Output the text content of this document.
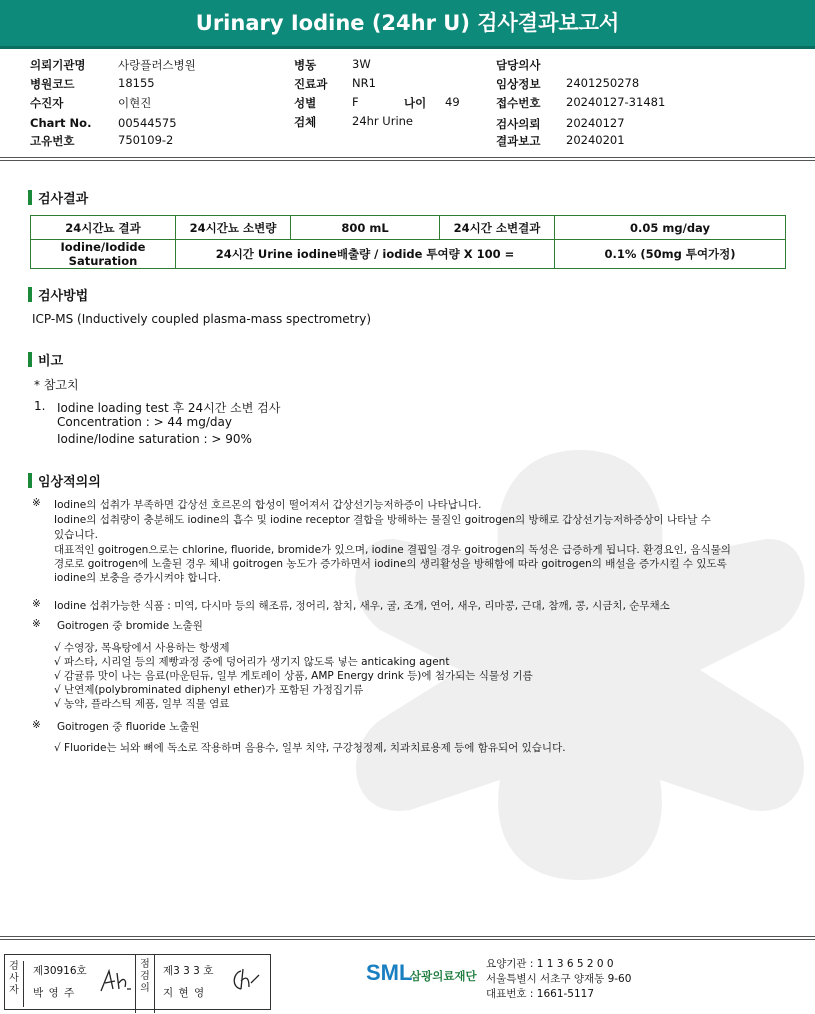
Urinary Iodine (24hr U) 검사결과보고서
의뢰기관명	사랑플러스병원
병원코드	18155
수진자	이현진
Chart No. 00544575
고유번호	750109-2
병동	3W
진료과 NR1
성별	F	나이 49
검체	24hr Urine
담당의사
임상정보 2401250278
접수번호 20240127-31481
검사의뢰 20240127
결과보고 20240201
검사결과
24시간뇨 결과	24시간뇨 소변량	800 mL	24시간 소변결과	0.05 mg/day
Iodine/Iodide Saturation	24시간 Urine iodine배출량 / iodide 투여량 X 100 =			0.1% (50mg 투여가정)
검사방법
ICP-MS (Inductively coupled plasma-mass spectrometry)
비고
* 참고치
1. Iodine loading test 후 24시간 소변 검사
Concentration : > 44 mg/day
Iodine/Iodine saturation : > 90%
임상적의의
※ Iodine의 섭취가 부족하면 갑상선 호르몬의 합성이 떨어져서 갑상선기능저하증이 나타납니다.
Iodine의 섭취량이 충분해도 iodine의 흡수 및 iodine receptor 결합을 방해하는 물질인 goitrogen의 방해로 갑상선기능저하증상이 나타날 수
있습니다.
대표적인 goitrogen으로는 chlorine, fluoride, bromide가 있으며, iodine 결핍일 경우 goitrogen의 독성은 급증하게 됩니다. 환경요인, 음식물의
경로로 goitrogen에 노출된 경우 체내 goitrogen 농도가 증가하면서 iodine의 생리활성을 방해함에 따라 goitrogen의 배설을 증가시킬 수 있도록
iodine의 보충을 증가시켜야 합니다.
※ Iodine 섭취가능한 식품 : 미역, 다시마 등의 해조류, 정어리, 참치, 새우, 굴, 조개, 연어, 새우, 리마콩, 근대, 참깨, 콩, 시금치, 순무채소
※ Goitrogen 중 bromide 노출원
√ 수영장, 목욕탕에서 사용하는 항생제
√ 파스타, 시리얼 등의 제빵과정 중에 덩어리가 생기지 않도록 넣는 anticaking agent
√ 감귤류 맛이 나는 음료(마운틴듀, 일부 게토레이 상품, AMP Energy drink 등)에 첨가되는 식물성 기름
√ 난연제(polybrominated diphenyl ether)가 포함된 가정집기류
√ 농약, 플라스틱 제품, 일부 직물 염료
※ Goitrogen 중 fluoride 노출원
√ Fluoride는 뇌와 뼈에 독소로 작용하며 음용수, 일부 치약, 구강청정제, 치과치료용제 등에 함유되어 있습니다.
검사자
제30916호
박 영 주
점검의
제3 3 3 호
지 현 영
SML
삼광의료재단
요양기관 : 1 1 3 6 5 2 0 0
서울특별시 서초구 양재동 9-60
대표번호 : 1661-5117
